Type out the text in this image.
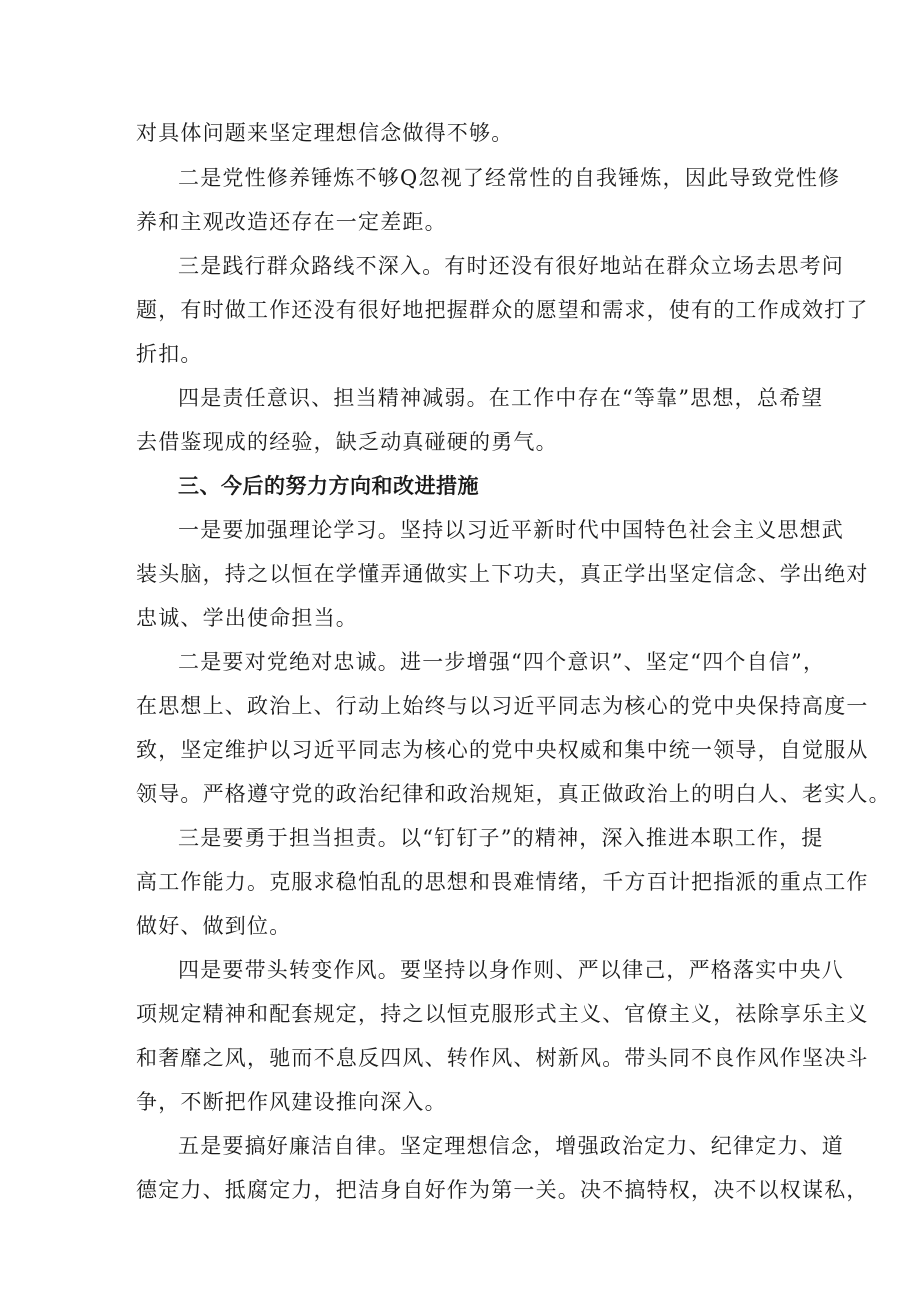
对具体问题来坚定理想信念做得不够。
二是党性修养锤炼不够Q忽视了经常性的自我锤炼，因此导致党性修
养和主观改造还存在一定差距。
三是践行群众路线不深入。有时还没有很好地站在群众立场去思考问
题，有时做工作还没有很好地把握群众的愿望和需求，使有的工作成效打了
折扣。
四是责任意识、担当精神减弱。在工作中存在“等靠”思想，总希望
去借鉴现成的经验，缺乏动真碰硬的勇气。
三、今后的努力方向和改进措施
一是要加强理论学习。坚持以习近平新时代中国特色社会主义思想武
装头脑，持之以恒在学懂弄通做实上下功夫，真正学出坚定信念、学出绝对
忠诚、学出使命担当。
二是要对党绝对忠诚。进一步增强“四个意识”、坚定“四个自信”，
在思想上、政治上、行动上始终与以习近平同志为核心的党中央保持高度一
致，坚定维护以习近平同志为核心的党中央权威和集中统一领导，自觉服从
领导。严格遵守党的政治纪律和政治规矩，真正做政治上的明白人、老实人。
三是要勇于担当担责。以“钉钉子”的精神，深入推进本职工作，提
高工作能力。克服求稳怕乱的思想和畏难情绪，千方百计把指派的重点工作
做好、做到位。
四是要带头转变作风。要坚持以身作则、严以律己，严格落实中央八
项规定精神和配套规定，持之以恒克服形式主义、官僚主义，祛除享乐主义
和奢靡之风，驰而不息反四风、转作风、树新风。带头同不良作风作坚决斗
争，不断把作风建设推向深入。
五是要搞好廉洁自律。坚定理想信念，增强政治定力、纪律定力、道
德定力、抵腐定力，把洁身自好作为第一关。决不搞特权，决不以权谋私，
